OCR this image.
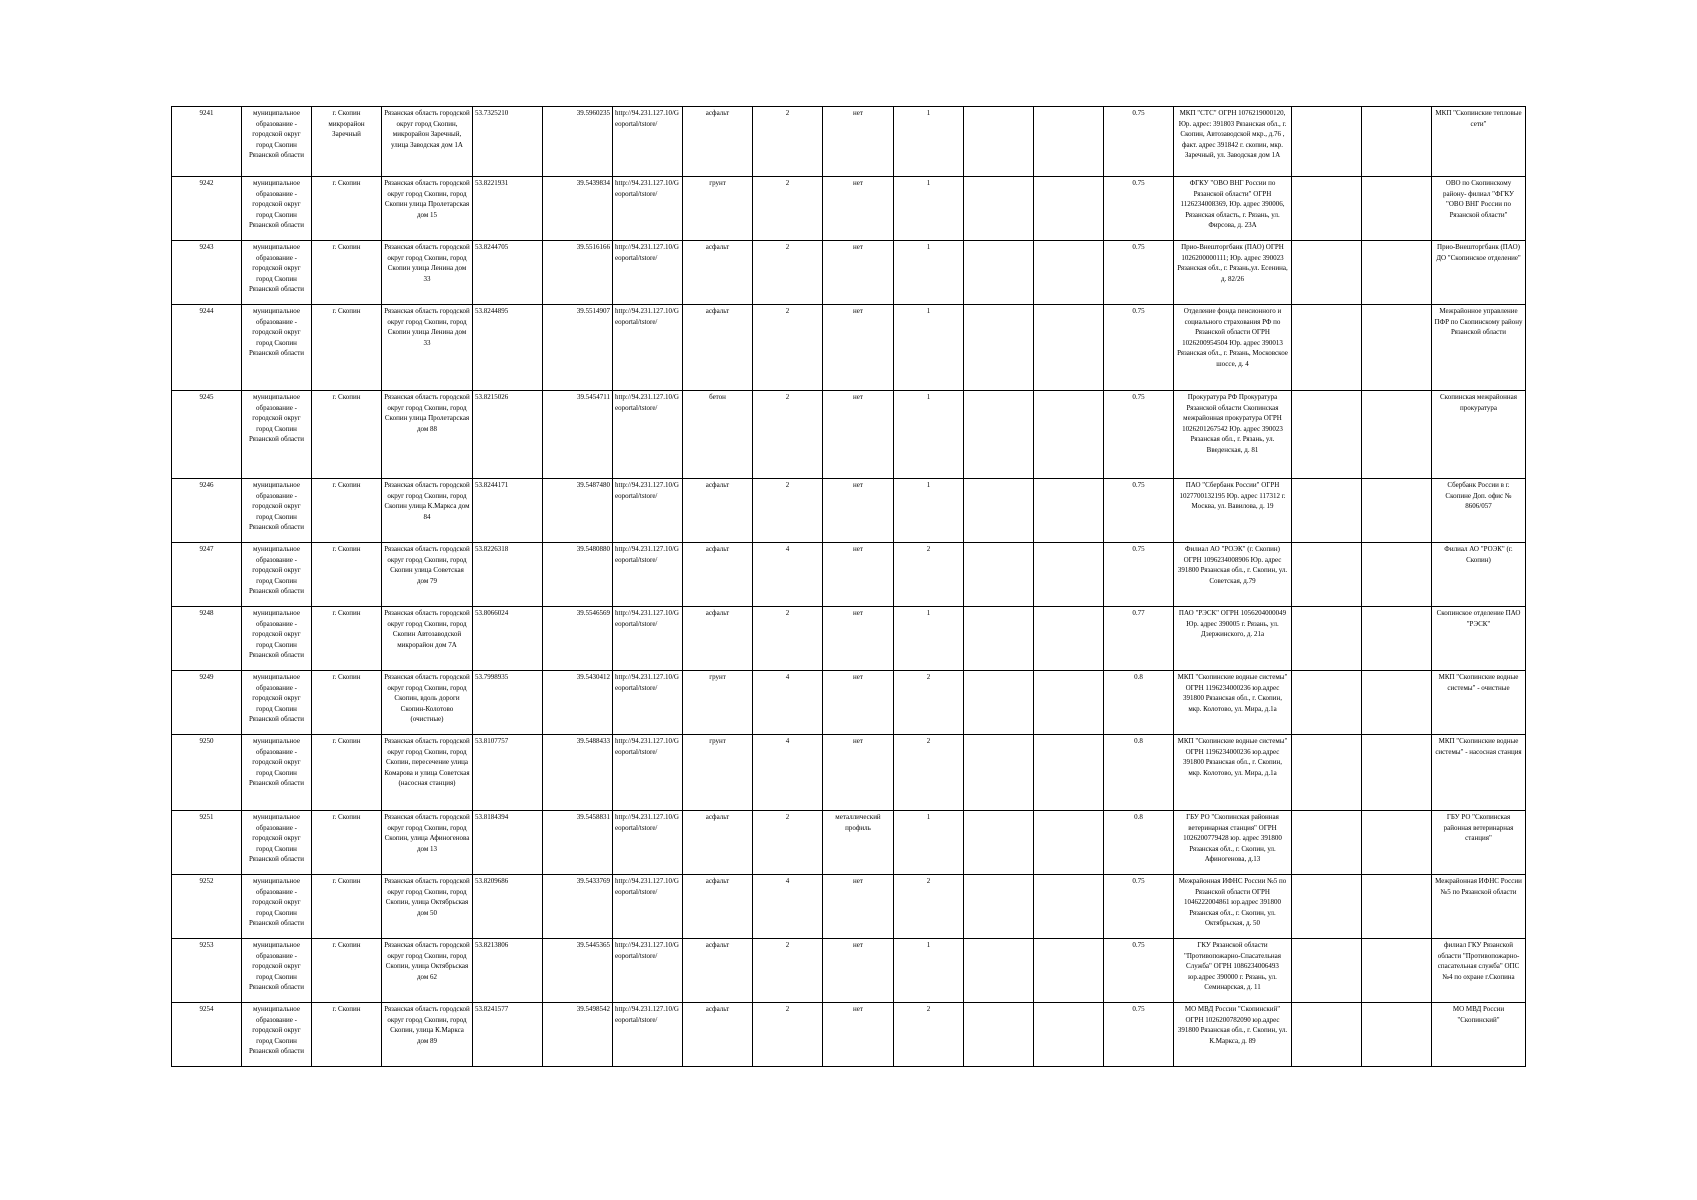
9241	муниципальное образование - городской округ город Скопин Рязанской области	г. Скопин микрорайон Заречный	Рязанская область городской округ город Скопин, микрорайон Заречный, улица Заводская дом 1А	53.7325210	39.5960235	http://94.231.127.10/Geoportal/tstore/	асфальт	2	нет	1			0.75	МКП "СТС" ОГРН 1076219000120, Юр. адрес: 391803 Рязанская обл., г. Скопин, Автозаводской мкр., д.76 , факт. адрес 391842 г. скопин, мкр. Заречный, ул. Заводская дом 1А			МКП "Скопинские тепловые сети"
9242	муниципальное образование - городской округ город Скопин Рязанской области	г. Скопин	Рязанская область городской округ город Скопин, город Скопин улица Пролетарская дом 15	53.8221931	39.5439834	http://94.231.127.10/Geoportal/tstore/	грунт	2	нет	1			0.75	ФГКУ "ОВО ВНГ России по Рязанской области" ОГРН 1126234008369, Юр. адрес 390006, Рязанская область, г. Рязань, ул. Фирсова, д. 23А			ОВО по Скопинскому району- филиал "ФГКУ "ОВО ВНГ России по Рязанской области"
9243	муниципальное образование - городской округ город Скопин Рязанской области	г. Скопин	Рязанская область городской округ город Скопин, город Скопин улица Ленина дом 33	53.8244705	39.5516166	http://94.231.127.10/Geoportal/tstore/	асфальт	2	нет	1			0.75	Прио-Внешторгбанк (ПАО) ОГРН 1026200000111; Юр. адрес 390023 Рязанская обл., г. Рязань,ул. Есенина, д. 82/26			Прио-Внешторгбанк (ПАО) ДО "Скопинское отделение"
9244	муниципальное образование - городской округ город Скопин Рязанской области	г. Скопин	Рязанская область городской округ город Скопин, город Скопин улица Ленина дом 33	53.8244895	39.5514907	http://94.231.127.10/Geoportal/tstore/	асфальт	2	нет	1			0.75	Отделение фонда пенсионного и социального страхования РФ по Рязанской области ОГРН 1026200954504 Юр. адрес 390013 Рязанская обл., г. Рязань, Московское шоссе, д. 4			Межрайонное управление ПФР по Скопинскому району Рязанской области
9245	муниципальное образование - городской округ город Скопин Рязанской области	г. Скопин	Рязанская область городской округ город Скопин, город Скопин улица Пролетарская дом 88	53.8215026	39.5454711	http://94.231.127.10/Geoportal/tstore/	бетон	2	нет	1			0.75	Прокуратура РФ Прокуратура Рязанской области Скопинская межрайонная прокуратура ОГРН 1026201267542 Юр. адрес 390023 Рязанская обл., г. Рязань, ул. Введенская, д. 81			Скопинская межрайонная прокуратура
9246	муниципальное образование - городской округ город Скопин Рязанской области	г. Скопин	Рязанская область городской округ город Скопин, город Скопин улица К.Маркса дом 84	53.8244171	39.5487480	http://94.231.127.10/Geoportal/tstore/	асфальт	2	нет	1			0.75	ПАО "Сбербанк России" ОГРН 1027700132195 Юр. адрес 117312 г. Москва, ул. Вавилова, д. 19			Сбербанк России в г. Скопине Доп. офис № 8606/057
9247	муниципальное образование - городской округ город Скопин Рязанской области	г. Скопин	Рязанская область городской округ город Скопин, город Скопин улица Советская дом 79	53.8226318	39.5480880	http://94.231.127.10/Geoportal/tstore/	асфальт	4	нет	2			0.75	Филиал АО "РОЭК" (г. Скопин) ОГРН 1096234008906 Юр. адрес 391800 Рязанская обл., г. Скопин, ул. Советская, д.79			Филиал АО "РОЭК" (г. Скопин)
9248	муниципальное образование - городской округ город Скопин Рязанской области	г. Скопин	Рязанская область городской округ город Скопин, город Скопин Автозаводской микрорайон дом 7А	53.8066024	39.5546569	http://94.231.127.10/Geoportal/tstore/	асфальт	2	нет	1			0.77	ПАО "РЭСК" ОГРН 1056204000049 Юр. адрес 390005 г. Рязань, ул. Дзержинского, д. 21а			Скопинское отделение ПАО "РЭСК"
9249	муниципальное образование - городской округ город Скопин Рязанской области	г. Скопин	Рязанская область городской округ город Скопин, город Скопин, вдоль дороги Скопин-Колотово (очистные)	53.7998935	39.5430412	http://94.231.127.10/Geoportal/tstore/	грунт	4	нет	2			0.8	МКП "Скопинские водные системы" ОГРН 1196234000236 юр.адрес 391800 Рязанская обл., г. Скопин, мкр. Колотово, ул. Мира, д.1а			МКП "Скопинские водные системы" - очистные
9250	муниципальное образование - городской округ город Скопин Рязанской области	г. Скопин	Рязанская область городской округ город Скопин, город Скопин, пересечение улица Комарова и улица Советская (насосная станция)	53.8107757	39.5488433	http://94.231.127.10/Geoportal/tstore/	грунт	4	нет	2			0.8	МКП "Скопинские водные системы" ОГРН 1196234000236 юр.адрес 391800 Рязанская обл., г. Скопин, мкр. Колотово, ул. Мира, д.1а			МКП "Скопинские водные системы" - насосная станция
9251	муниципальное образование - городской округ город Скопин Рязанской области	г. Скопин	Рязанская область городской округ город Скопин, город Скопин, улица Афиногенова дом 13	53.8184394	39.5458831	http://94.231.127.10/Geoportal/tstore/	асфальт	2	металлический профиль	1			0.8	ГБУ РО "Скопинская районная ветеринарная станция" ОГРН 1026200779428 юр. адрес 391800 Рязанская обл., г. Скопин, ул. Афиногенова, д.13			ГБУ РО "Скопинская районная ветеринарная станция"
9252	муниципальное образование - городской округ город Скопин Рязанской области	г. Скопин	Рязанская область городской округ город Скопин, город Скопин, улица Октябрьская дом 50	53.8209686	39.5433769	http://94.231.127.10/Geoportal/tstore/	асфальт	4	нет	2			0.75	Межрайонная ИФНС России №5 по Рязанской области ОГРН 1046222004861 юр.адрес 391800 Рязанская обл., г. Скопин, ул. Октябрьская, д. 50			Межрайонная ИФНС России №5 по Рязанской области
9253	муниципальное образование - городской округ город Скопин Рязанской области	г. Скопин	Рязанская область городской округ город Скопин, город Скопин, улица Октябрьская дом 62	53.8213806	39.5445365	http://94.231.127.10/Geoportal/tstore/	асфальт	2	нет	1			0.75	ГКУ Рязанской области "Противопожарно-Спасательная Служба" ОГРН 1086234006493 юр.адрес 390000 г. Рязань, ул. Семинарская, д. 11			филиал ГКУ Рязанской области "Противопожарно-спасательная служба" ОПС №4 по охране г.Скопина
9254	муниципальное образование - городской округ город Скопин Рязанской области	г. Скопин	Рязанская область городской округ город Скопин, город Скопин, улица К.Маркса дом 89	53.8241577	39.5498542	http://94.231.127.10/Geoportal/tstore/	асфальт	2	нет	2			0.75	МО МВД России "Скопинский" ОГРН 1026200782090 юр.адрес 391800 Рязанская обл., г. Скопин, ул. К.Маркса, д. 89			МО МВД России "Скопинский"
